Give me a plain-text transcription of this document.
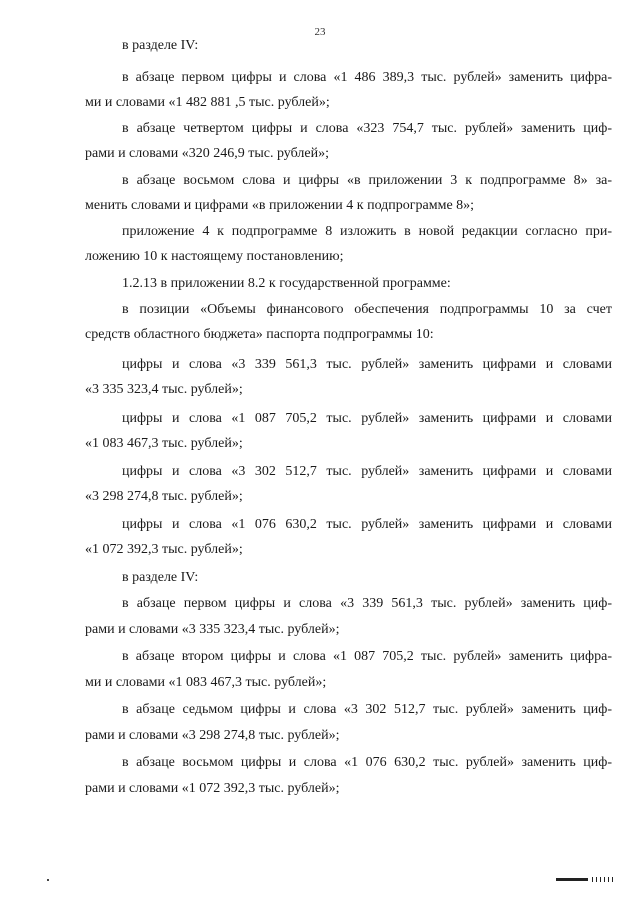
23
в разделе IV:
в абзаце первом цифры и слова «1 486 389,3 тыс. рублей» заменить цифра-
ми и словами «1 482 881 ,5 тыс. рублей»;
в абзаце четвертом цифры и слова «323 754,7 тыс. рублей» заменить циф-
рами и словами «320 246,9 тыс. рублей»;
в абзаце восьмом слова и цифры «в приложении 3 к подпрограмме 8» за-
менить словами и цифрами «в приложении 4 к подпрограмме 8»;
приложение 4 к подпрограмме 8 изложить в новой редакции согласно при-
ложению 10 к настоящему постановлению;
1.2.13 в приложении 8.2 к государственной программе:
в позиции «Объемы финансового обеспечения подпрограммы 10 за счет
средств областного бюджета» паспорта подпрограммы 10:
цифры и слова «3 339 561,3 тыс. рублей» заменить цифрами и словами
«3 335 323,4 тыс. рублей»;
цифры и слова «1 087 705,2 тыс. рублей» заменить цифрами и словами
«1 083 467,3 тыс. рублей»;
цифры и слова «3 302 512,7 тыс. рублей» заменить цифрами и словами
«3 298 274,8 тыс. рублей»;
цифры и слова «1 076 630,2 тыс. рублей» заменить цифрами и словами
«1 072 392,3 тыс. рублей»;
в разделе IV:
в абзаце первом цифры и слова «3 339 561,3 тыс. рублей» заменить циф-
рами и словами «3 335 323,4 тыс. рублей»;
в абзаце втором цифры и слова «1 087 705,2 тыс. рублей» заменить цифра-
ми и словами «1 083 467,3 тыс. рублей»;
в абзаце седьмом цифры и слова «3 302 512,7 тыс. рублей» заменить циф-
рами и словами «3 298 274,8 тыс. рублей»;
в абзаце восьмом цифры и слова «1 076 630,2 тыс. рублей» заменить циф-
рами и словами «1 072 392,3 тыс. рублей»;
